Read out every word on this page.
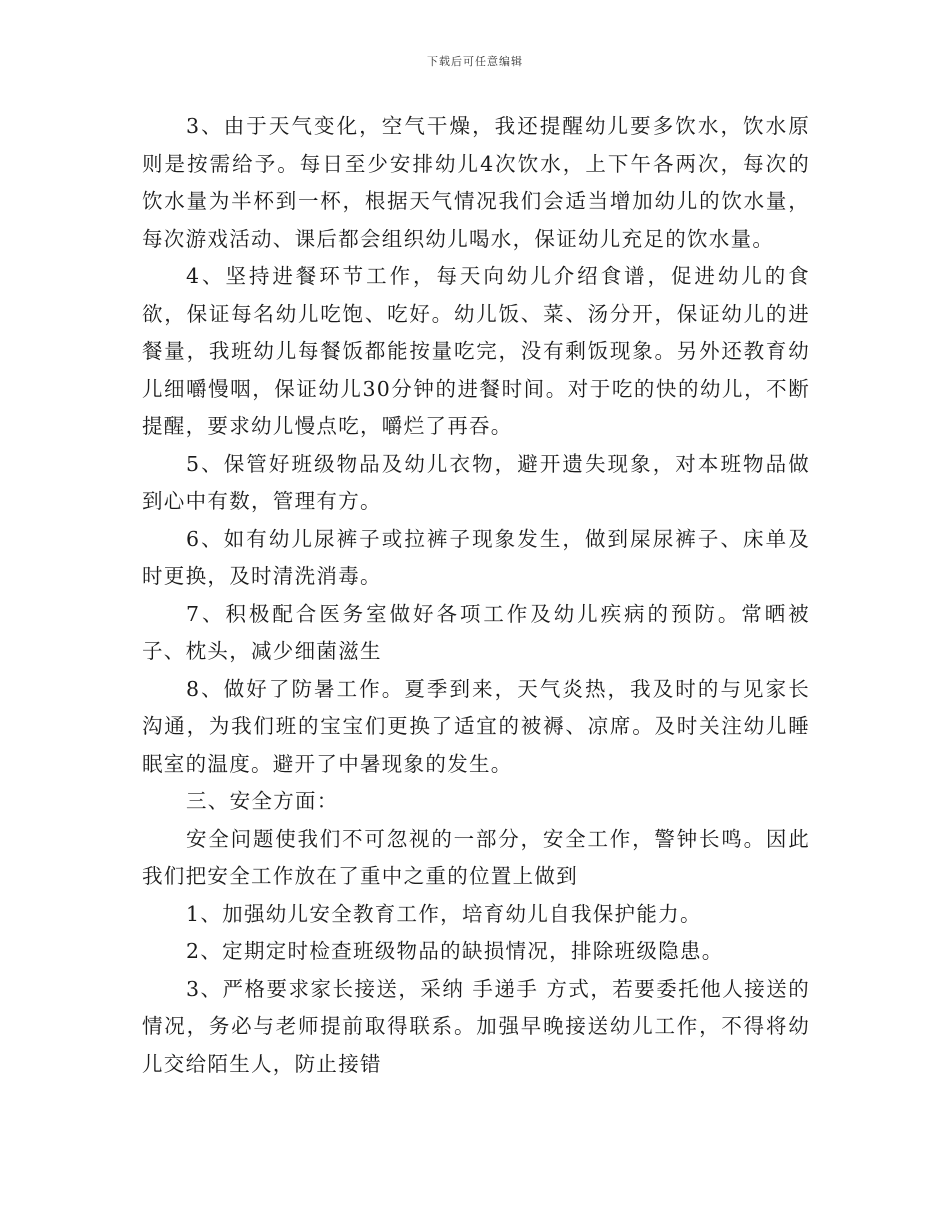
下载后可任意编辑

3、由于天气变化，空气干燥，我还提醒幼儿要多饮水，饮水原则是按需给予。每日至少安排幼儿4次饮水，上下午各两次，每次的饮水量为半杯到一杯，根据天气情况我们会适当增加幼儿的饮水量，每次游戏活动、课后都会组织幼儿喝水，保证幼儿充足的饮水量。

4、坚持进餐环节工作，每天向幼儿介绍食谱，促进幼儿的食欲，保证每名幼儿吃饱、吃好。幼儿饭、菜、汤分开，保证幼儿的进餐量，我班幼儿每餐饭都能按量吃完，没有剩饭现象。另外还教育幼儿细嚼慢咽，保证幼儿30分钟的进餐时间。对于吃的快的幼儿，不断提醒，要求幼儿慢点吃，嚼烂了再吞。

5、保管好班级物品及幼儿衣物，避开遗失现象，对本班物品做到心中有数，管理有方。

6、如有幼儿尿裤子或拉裤子现象发生，做到屎尿裤子、床单及时更换，及时清洗消毒。

7、积极配合医务室做好各项工作及幼儿疾病的预防。常晒被子、枕头，减少细菌滋生

8、做好了防暑工作。夏季到来，天气炎热，我及时的与见家长沟通，为我们班的宝宝们更换了适宜的被褥、凉席。及时关注幼儿睡眠室的温度。避开了中暑现象的发生。

三、安全方面：

安全问题使我们不可忽视的一部分，安全工作，警钟长鸣。因此我们把安全工作放在了重中之重的位置上做到

1、加强幼儿安全教育工作，培育幼儿自我保护能力。

2、定期定时检查班级物品的缺损情况，排除班级隐患。

3、严格要求家长接送，采纳 手递手 方式，若要委托他人接送的情况，务必与老师提前取得联系。加强早晚接送幼儿工作，不得将幼儿交给陌生人，防止接错
